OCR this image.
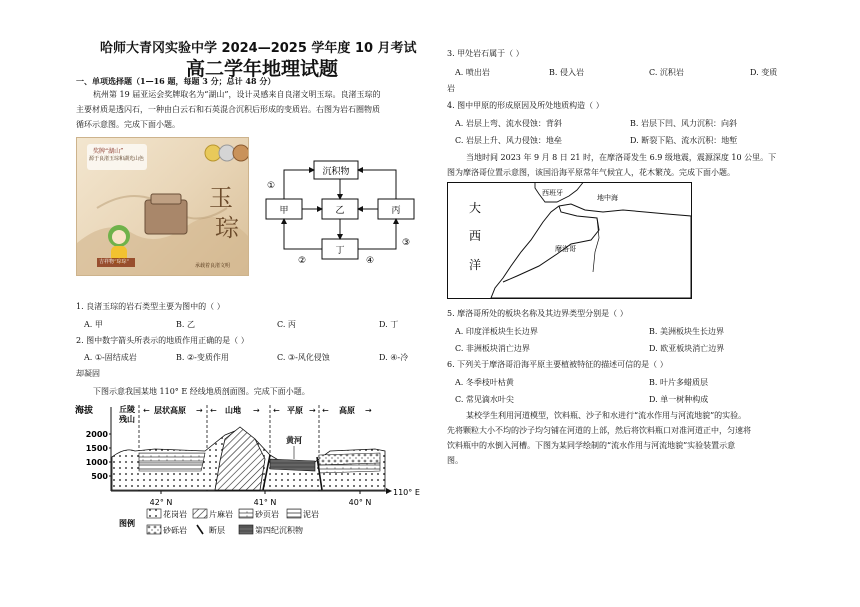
哈师大青冈实验中学 2024—2025 学年度 10 月考试
高二学年地理试题
一、单项选择题（1—16 题，每题 3 分；总计 48 分）
杭州第 19 届亚运会奖牌取名为“湖山”，设计灵感来自良渚文明玉琮。良渚玉琮的
主要材质是透闪石，一种由白云石和石英混合沉积后形成的变质岩。右图为岩石圈物质
循环示意图。完成下面小题。
奖牌“湖山”
源于良渚玉琮和湖光山色
玉
琮
吉祥物“琮琮”
承载着良渚文明
沉积物
甲	乙	丙
丁
①
②
③
④
1. 良渚玉琮的岩石类型主要为图中的（ ）
A. 甲	B. 乙	C. 丙	D. 丁
2. 图中数字箭头所表示的地质作用正确的是（ ）
A. ①-固结成岩	B. ②-变质作用	C. ③-风化侵蚀	D. ④-冷
却凝固
下图示意我国某地 110° E 经线地质剖面图。完成下面小题。
海拔
2000
1500
1000
500
丘陵
残山
← 层状高原 → ← 山地 → ← 平原 → ← 高原 →
黄河
42° N	41° N	40° N
110° E
图例
花岗岩	片麻岩	砂页岩	泥岩
砂砾岩	断层	第四纪沉积物
3. 甲处岩石属于（ ）
A. 喷出岩	B. 侵入岩	C. 沉积岩	D. 变质
岩
4. 图中甲原的形成原因及所处地质构造（ ）
A. 岩层上弯、流水侵蚀：背斜	B. 岩层下凹、风力沉积：向斜
C. 岩层上升、风力侵蚀：地垒	D. 断裂下陷、流水沉积：地堑
当地时间 2023 年 9 月 8 日 21 时，在摩洛哥发生 6.9 级地震，震源深度 10 公里。下
图为摩洛哥位置示意图，该国沿海平原常年气候宜人，花木繁茂。完成下面小题。
大
西
洋
西班牙
地中海
摩洛哥
5. 摩洛哥所处的板块名称及其边界类型分别是（ ）
A. 印度洋板块生长边界	B. 美洲板块生长边界
C. 非洲板块消亡边界	D. 欧亚板块消亡边界
6. 下列关于摩洛哥沿海平原主要植被特征的描述可信的是（ ）
A. 冬季枝叶枯黄	B. 叶片多蜡质层
C. 常见滴水叶尖	D. 单一树种构成
某校学生利用河道模型，饮料瓶、沙子和水进行“流水作用与河流地貌”的实验。
先将颗粒大小不均的沙子均匀铺在河道的上部，然后将饮料瓶口对准河道正中，匀速将
饮料瓶中的水倒入河槽。下图为某同学绘制的“流水作用与河流地貌”实验装置示意
图。
